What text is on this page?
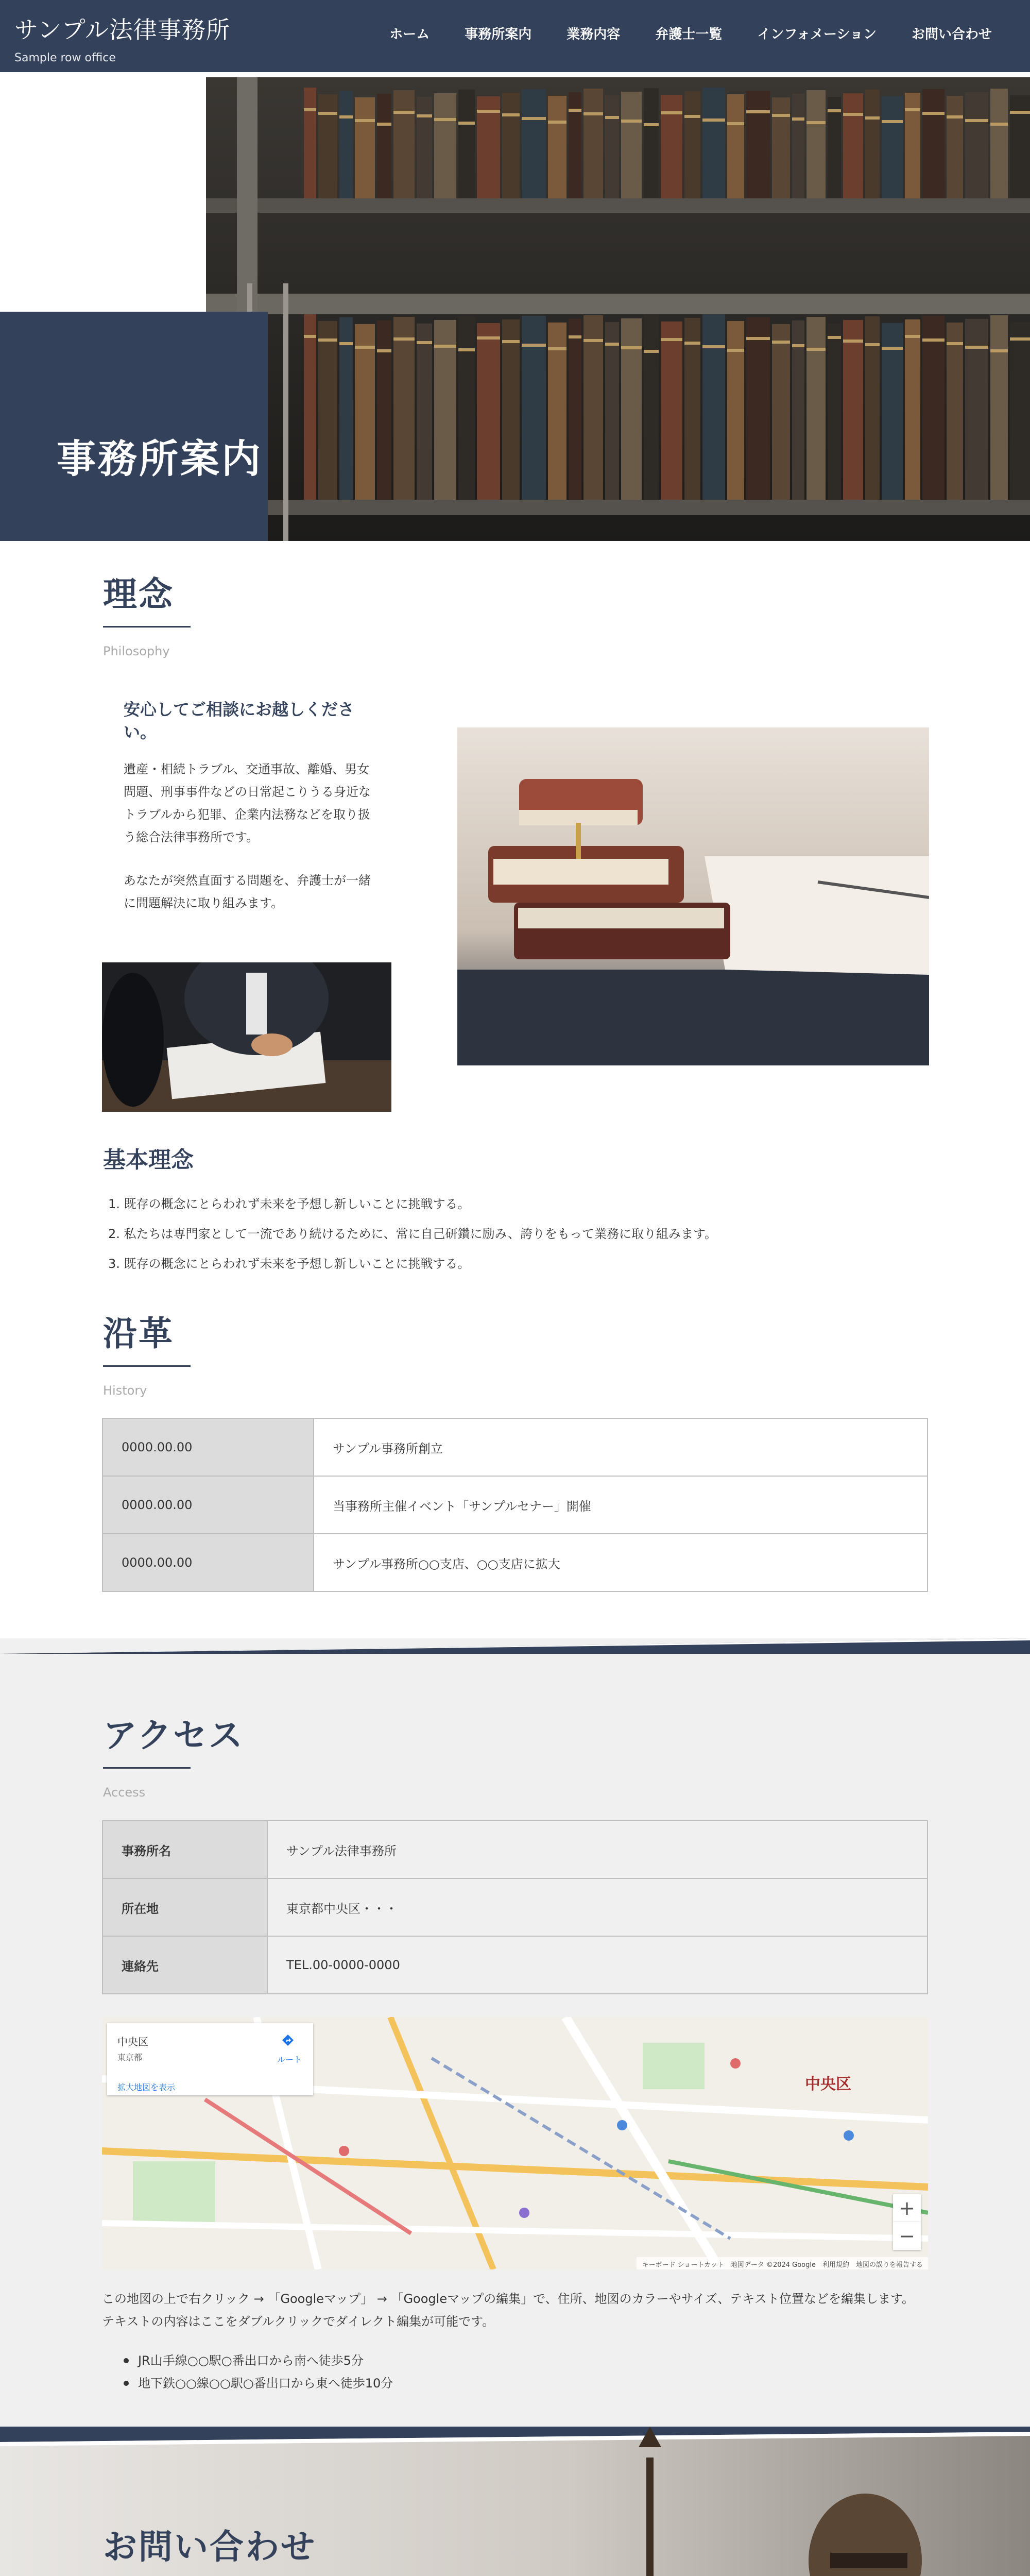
サンプル法律事務所
Sample row office
ホーム	事務所案内	業務内容	弁護士一覧	インフォメーション	お問い合わせ
事務所案内
理念
Philosophy
安心してご相談にお越しください。

遺産・相続トラブル、交通事故、離婚、男女問題、刑事事件などの日常起こりうる身近なトラブルから犯罪、企業内法務などを取り扱う総合法律事務所です。

あなたが突然直面する問題を、弁護士が一緒に問題解決に取り組みます。

基本理念
1. 既存の概念にとらわれず未来を予想し新しいことに挑戦する。
2. 私たちは専門家として一流であり続けるために、常に自己研鑽に励み、誇りをもって業務に取り組みます。
3. 既存の概念にとらわれず未来を予想し新しいことに挑戦する。
沿革
History
0000.00.00	サンプル事務所創立
0000.00.00	当事務所主催イベント「サンプルセナー」開催
0000.00.00	サンプル事務所○○支店、○○支店に拡大
アクセス
Access
事務所名	サンプル法律事務所
所在地	東京都中央区・・・
連絡先	TEL.00-0000-0000
中央区
東京都	ルート
拡大地図を表示	中央区
+
−
キーボード ショートカット　地図データ ©2024 Google　利用規約　地図の誤りを報告する

この地図の上で右クリック → 「Googleマップ」 → 「Googleマップの編集」で、住所、地図のカラーやサイズ、テキスト位置などを編集します。

テキストの内容はここをダブルクリックでダイレクト編集が可能です。

JR山手線○○駅○番出口から南へ徒歩5分
地下鉄○○線○○駅○番出口から東へ徒歩10分
お問い合わせ
